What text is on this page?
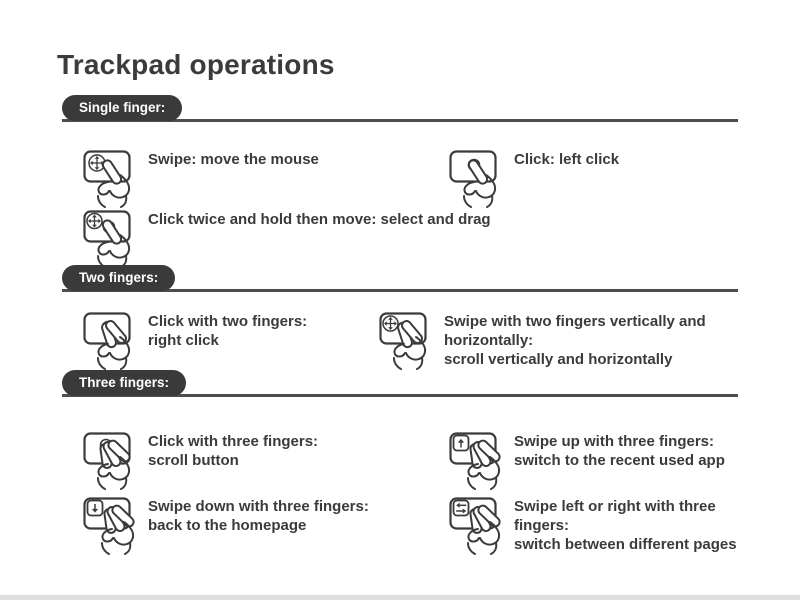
Trackpad operations
Single finger:
Swipe: move the mouse	Click: left click
Click twice and hold then move: select and drag
Two fingers:
Click with two fingers:
right click
Swipe with two fingers vertically and horizontally:
scroll vertically and horizontally
Three fingers:
Click with three fingers:
scroll button
Swipe up with three fingers:
switch to the recent used app
Swipe down with three fingers:
back to the homepage
Swipe left or right with three fingers:
switch between different pages
